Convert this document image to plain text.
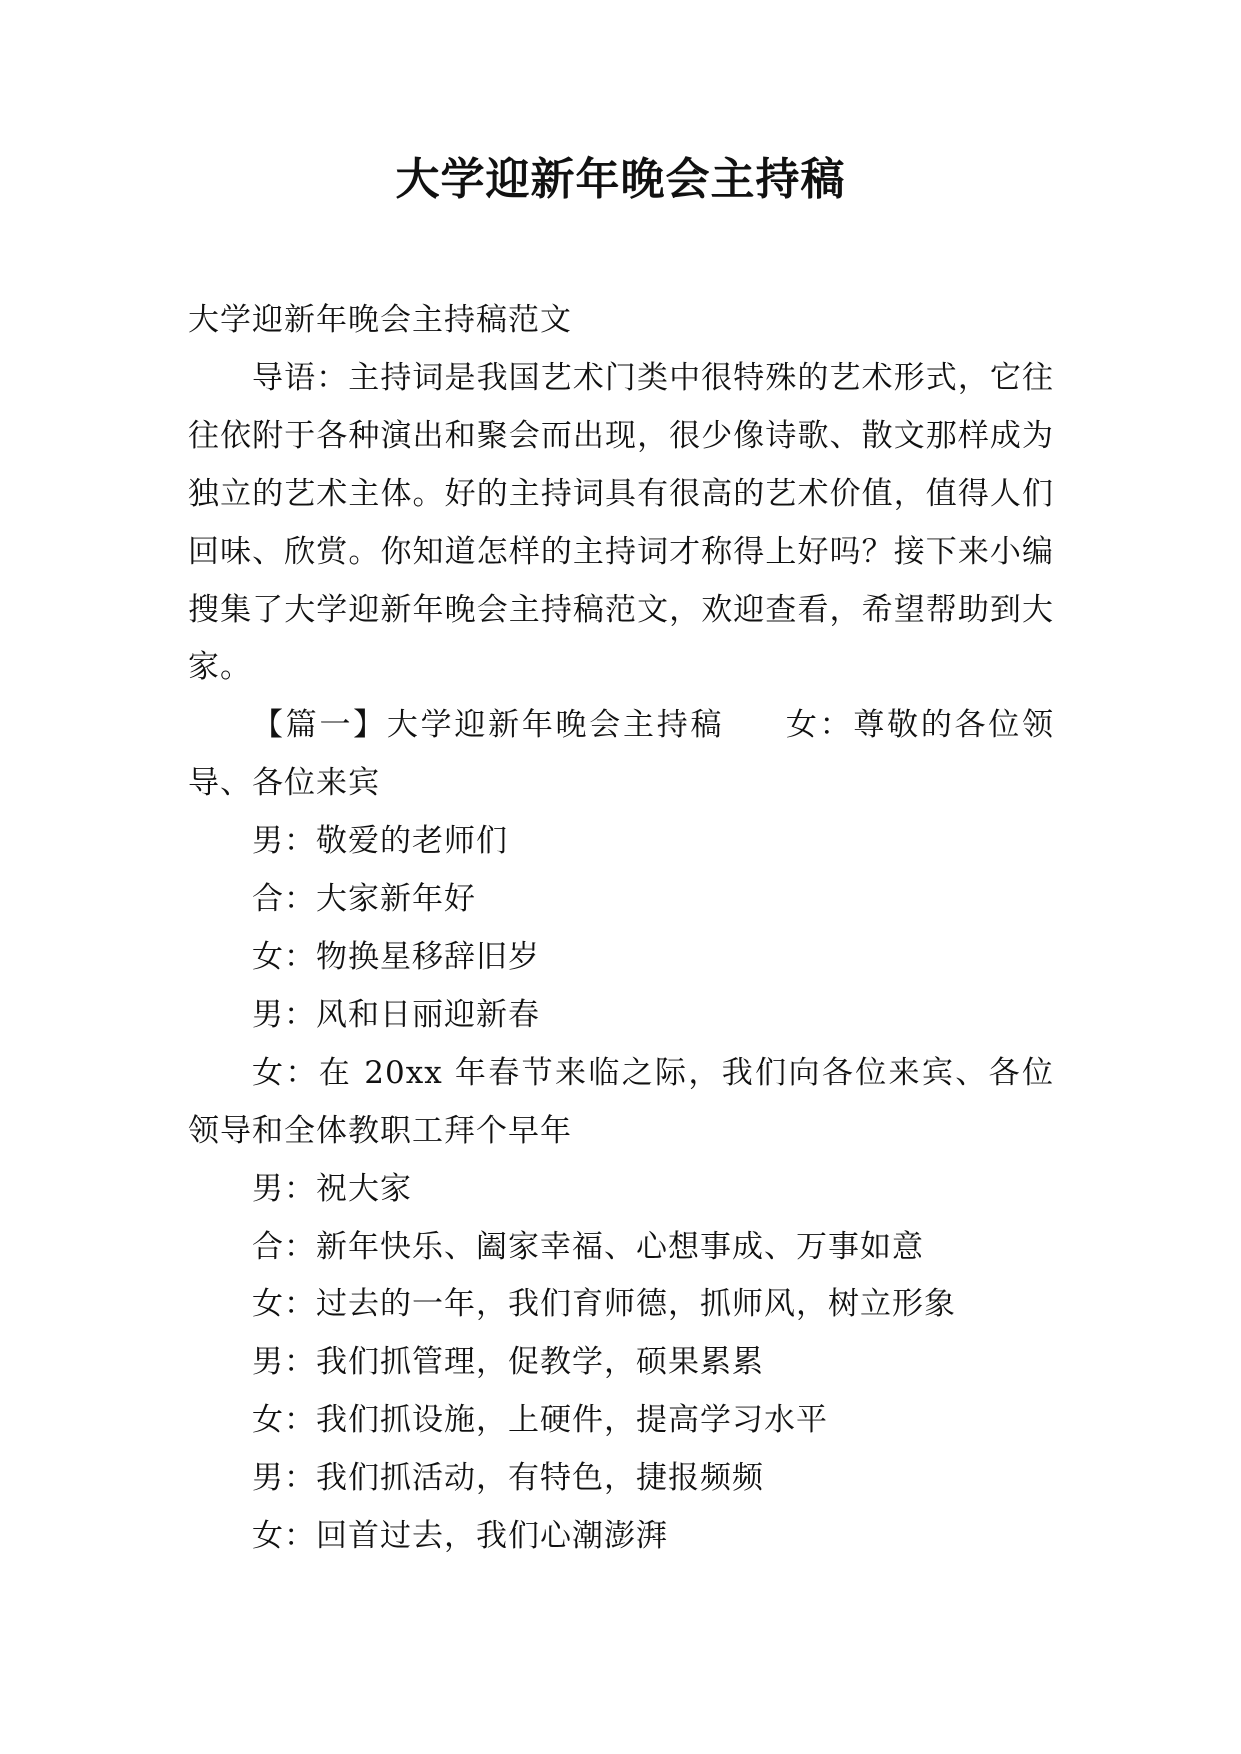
大学迎新年晚会主持稿

大学迎新年晚会主持稿范文

导语：主持词是我国艺术门类中很特殊的艺术形式，它往往依附于各种演出和聚会而出现，很少像诗歌、散文那样成为独立的艺术主体。好的主持词具有很高的艺术价值，值得人们回味、欣赏。你知道怎样的主持词才称得上好吗？接下来小编搜集了大学迎新年晚会主持稿范文，欢迎查看，希望帮助到大家。

【篇一】大学迎新年晚会主持稿 女：尊敬的各位领导、各位来宾

男：敬爱的老师们

合：大家新年好

女：物换星移辞旧岁

男：风和日丽迎新春

女：在 20xx 年春节来临之际，我们向各位来宾、各位领导和全体教职工拜个早年

男：祝大家

合：新年快乐、阖家幸福、心想事成、万事如意

女：过去的一年，我们育师德，抓师风，树立形象

男：我们抓管理，促教学，硕果累累

女：我们抓设施，上硬件，提高学习水平

男：我们抓活动，有特色，捷报频频

女：回首过去，我们心潮澎湃
